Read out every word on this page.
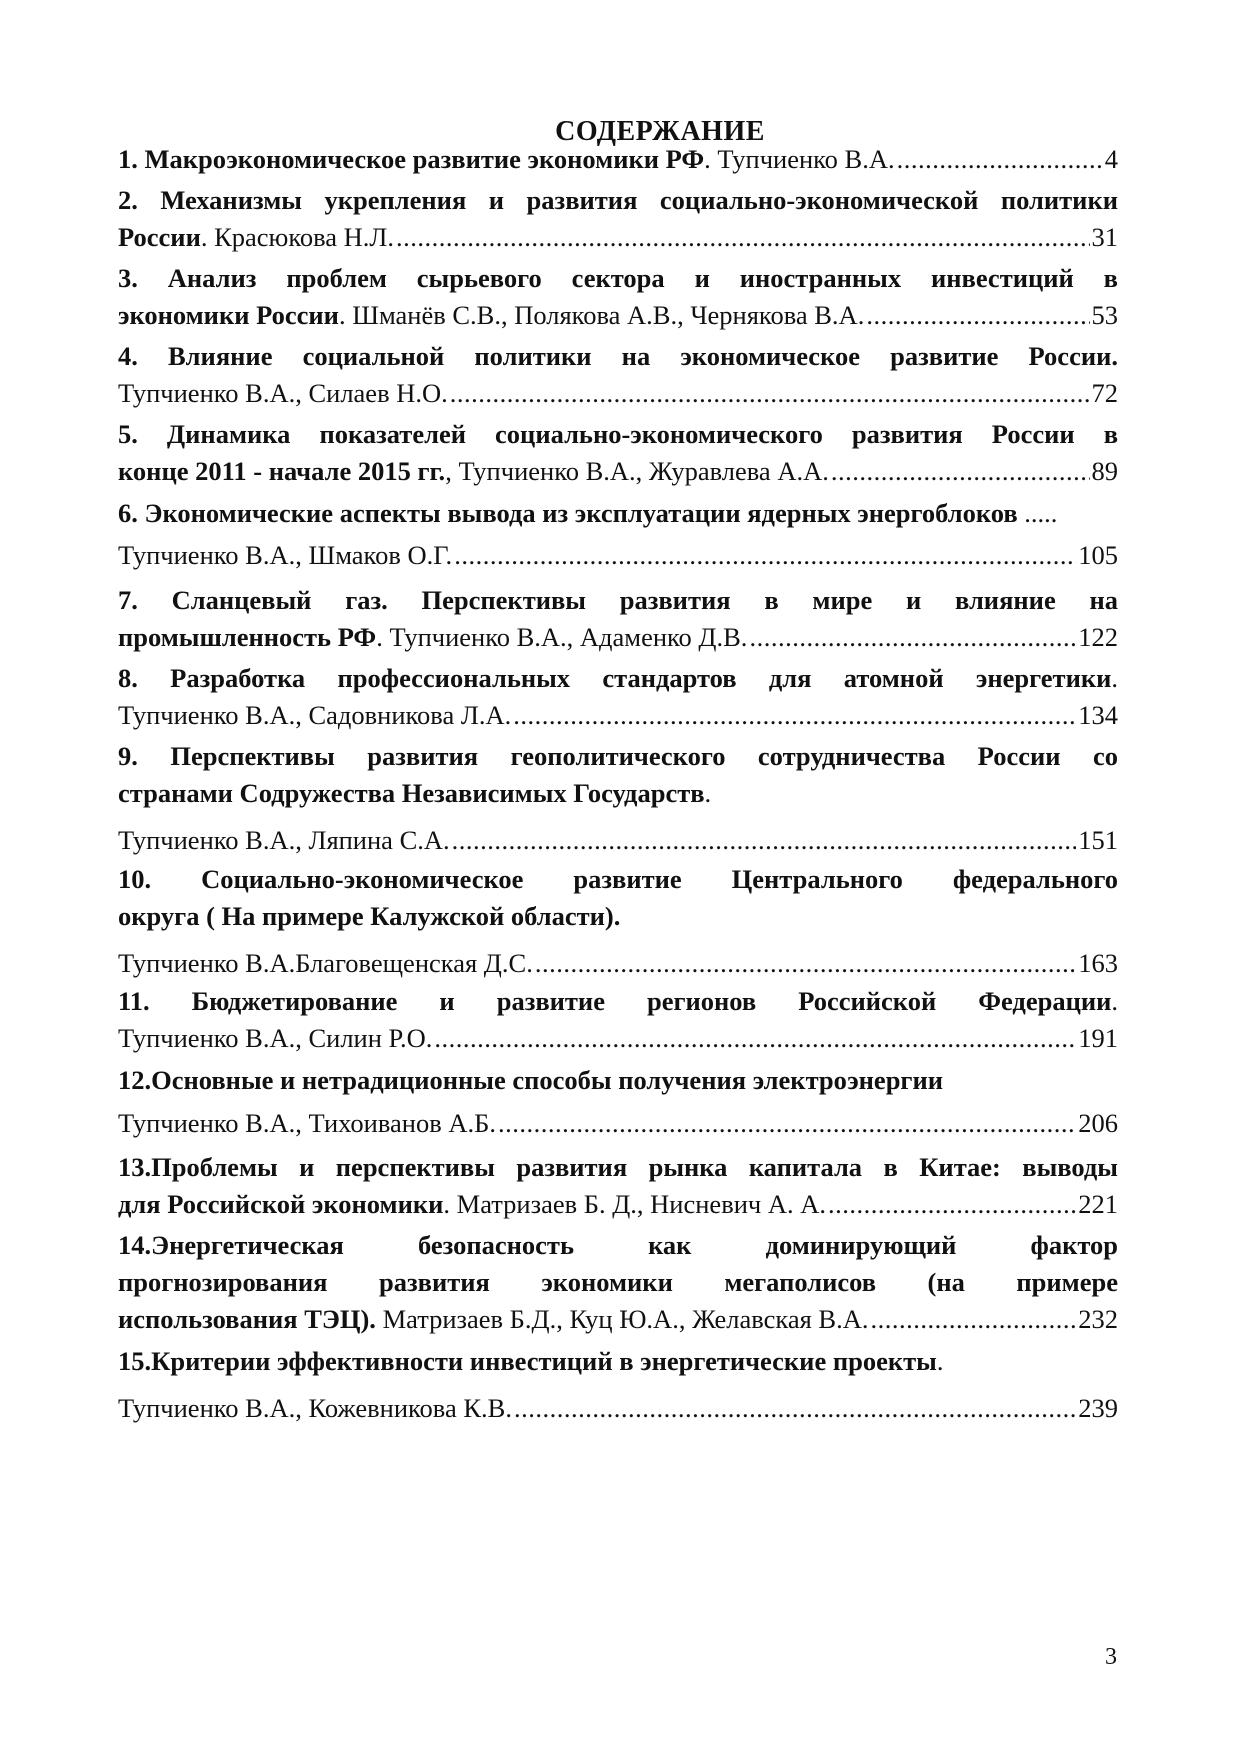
СОДЕРЖАНИЕ
1. Макроэкономическое развитие экономики РФ .
Тупчиенко В.А. .....	4
2. Механизмы укрепления и развития социально-экономической политики
России .
Красюкова Н.Л. .....	31
3. Анализ проблем сырьевого сектора и иностранных инвестиций в
экономики России .
Шманёв С.В., Полякова А.В., Чернякова В.А. .....	53
4. Влияние социальной политики на экономическое развитие России.
Тупчиенко В.А., Силаев Н.О. .....	72
5. Динамика показателей социально-экономического развития России в
конце 2011 - начале 2015 гг. ,
Тупчиенко В.А., Журавлева А.А. .....	89
6. Экономические аспекты вывода из эксплуатации ядерных энергоблоков .....
Тупчиенко В.А., Шмаков О.Г. .....	105
7. Сланцевый газ. Перспективы развития в мире и влияние на
промышленность РФ .
Тупчиенко В.А., Адаменко Д.В. .....	122
8. Разработка профессиональных стандартов для атомной энергетики.
Тупчиенко В.А., Садовникова Л.А. .....	134
9. Перспективы развития геополитического сотрудничества России со
странами Содружества Независимых Государств.
Тупчиенко В.А., Ляпина С.А. .....	151
10. Социально-экономическое развитие Центрального федерального
округа ( На примере Калужской области).
Тупчиенко В.А.Благовещенская Д.С. .....	163
11. Бюджетирование и развитие регионов Российской Федерации.
Тупчиенко В.А., Силин Р.О. .....	191
12.Основные и нетрадиционные способы получения электроэнергии
Тупчиенко В.А., Тихоиванов А.Б. .....	206
13.Проблемы и перспективы развития рынка капитала в Китае: выводы
для Российской экономики .
Матризаев Б. Д., Нисневич А. А. .....	221
14.Энергетическая безопасность как доминирующий фактор
прогнозирования развития экономики мегаполисов (на примере
использования ТЭЦ).
Матризаев Б.Д., Куц Ю.А., Желавская В.А. .....	232
15.Критерии эффективности инвестиций в энергетические проекты.
Тупчиенко В.А., Кожевникова К.В. .....	239
3
